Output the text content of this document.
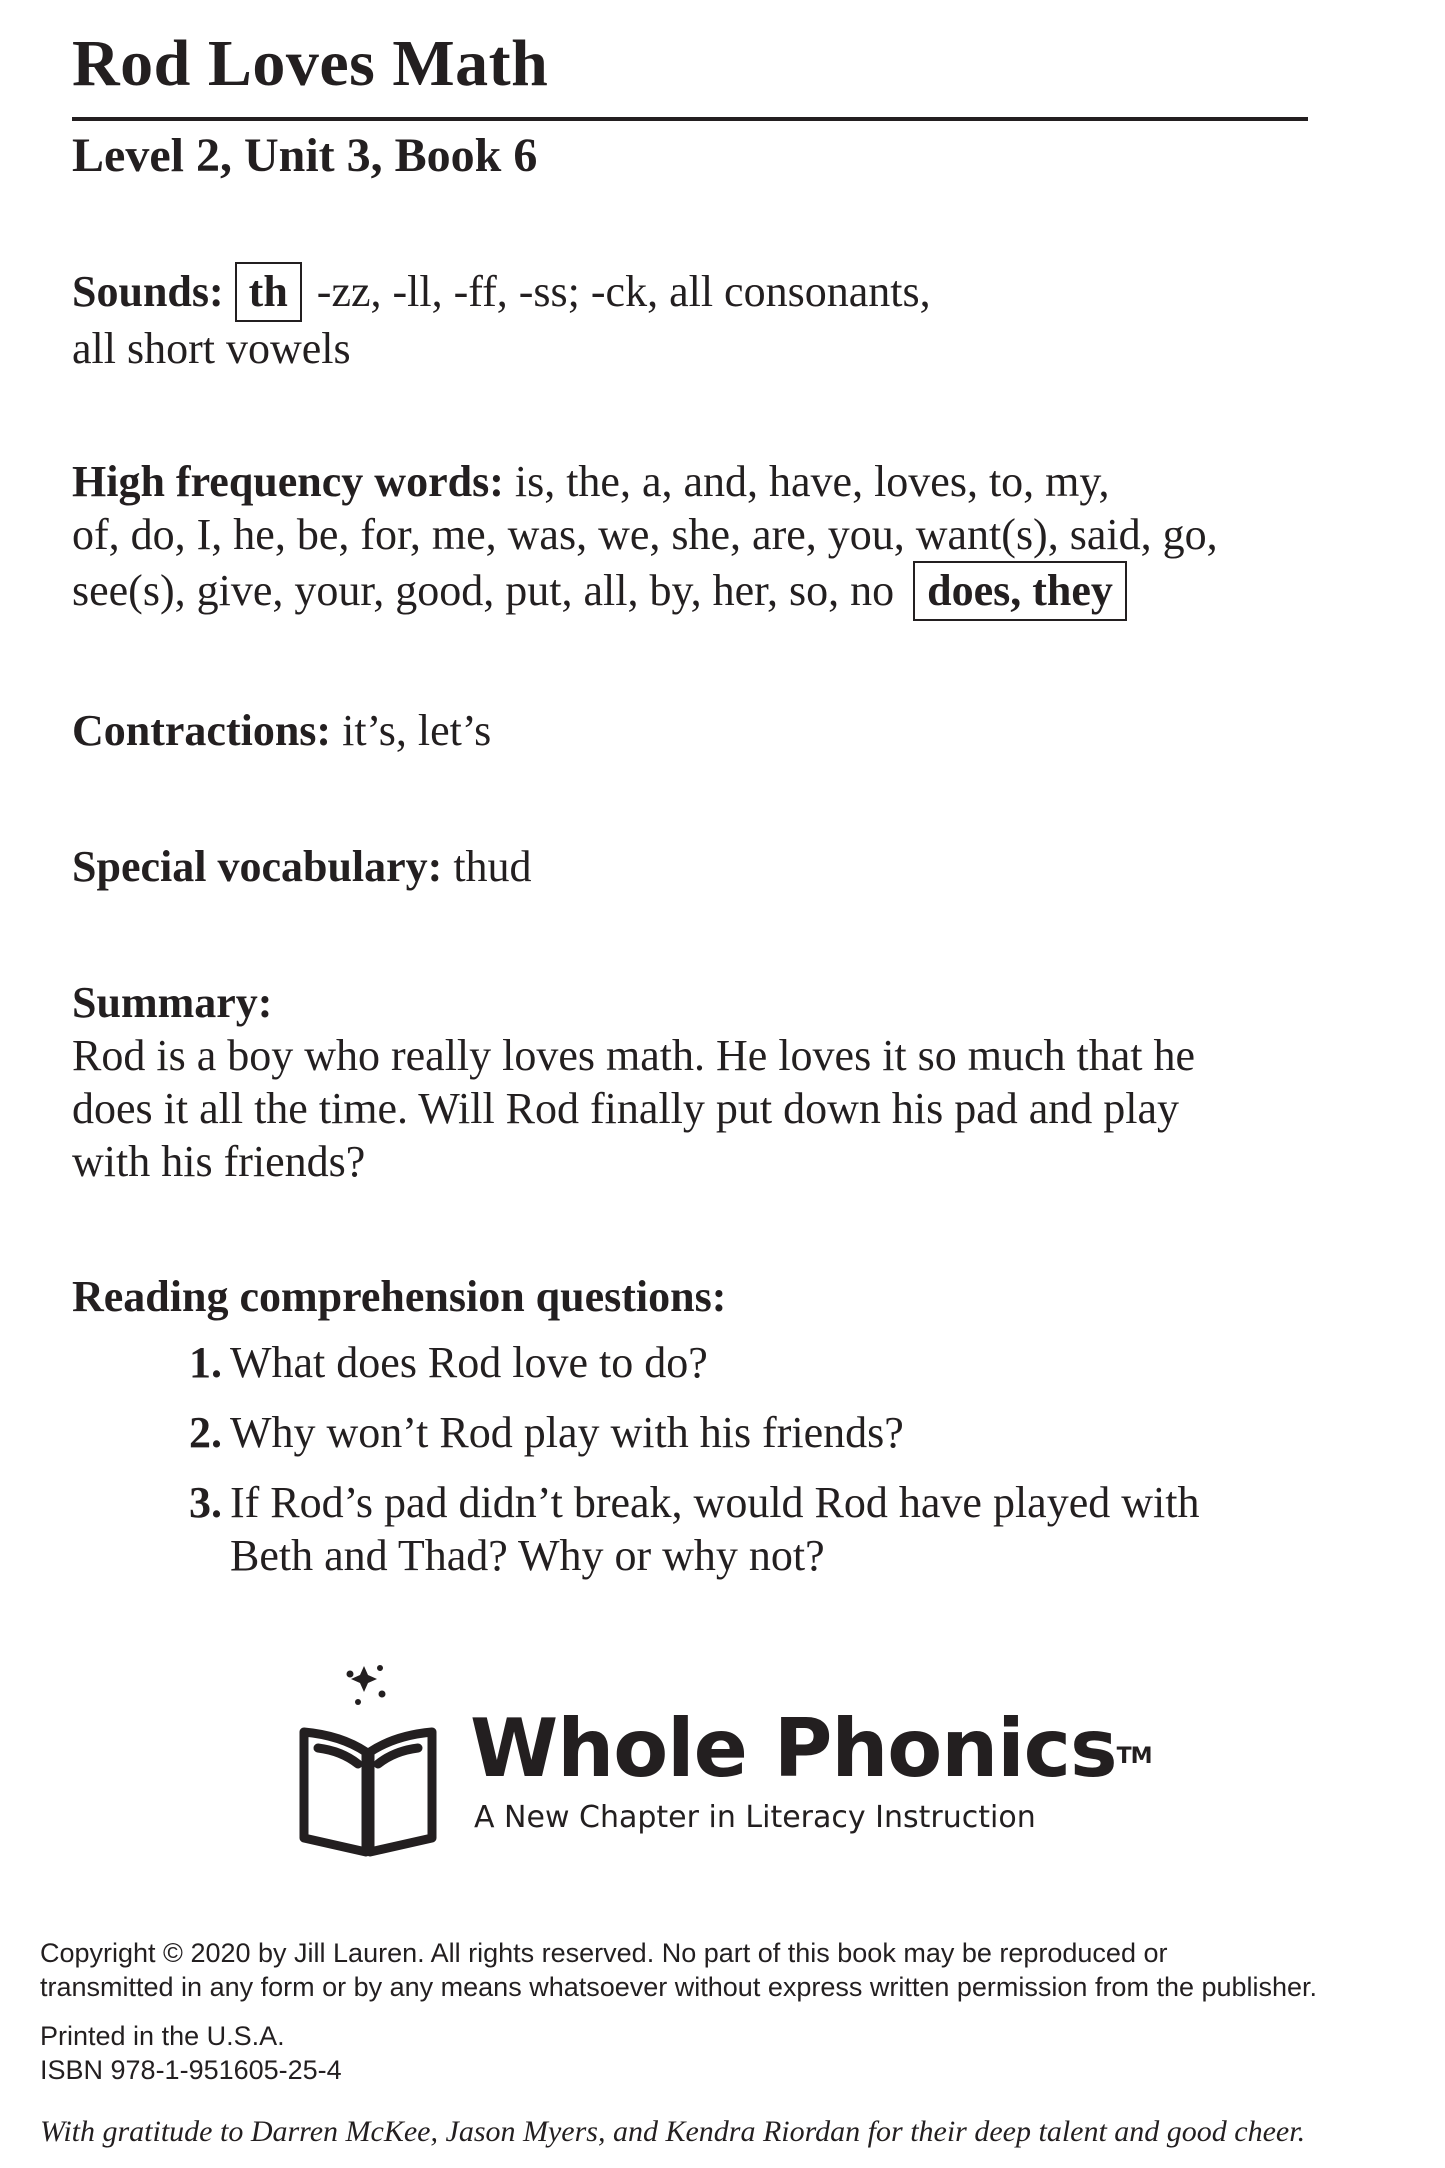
Rod Loves Math
Level 2, Unit 3, Book 6
Sounds: th -zz, -ll, -ff, -ss; -ck, all consonants,
all short vowels
High frequency words: is, the, a, and, have, loves, to, my,
of, do, I, he, be, for, me, was, we, she, are, you, want(s), said, go,
see(s), give, your, good, put, all, by, her, so, no does, they
Contractions: it’s, let’s
Special vocabulary: thud
Summary:
Rod is a boy who really loves math. He loves it so much that he
does it all the time. Will Rod finally put down his pad and play
with his friends?
Reading comprehension questions:
1. What does Rod love to do?
2. Why won’t Rod play with his friends?
3. If Rod’s pad didn’t break, would Rod have played with
Beth and Thad? Why or why not?
Whole Phonics™
A New Chapter in Literacy Instruction
Copyright © 2020 by Jill Lauren. All rights reserved. No part of this book may be reproduced or
transmitted in any form or by any means whatsoever without express written permission from the publisher.
Printed in the U.S.A.
ISBN 978-1-951605-25-4
With gratitude to Darren McKee, Jason Myers, and Kendra Riordan for their deep talent and good cheer.
